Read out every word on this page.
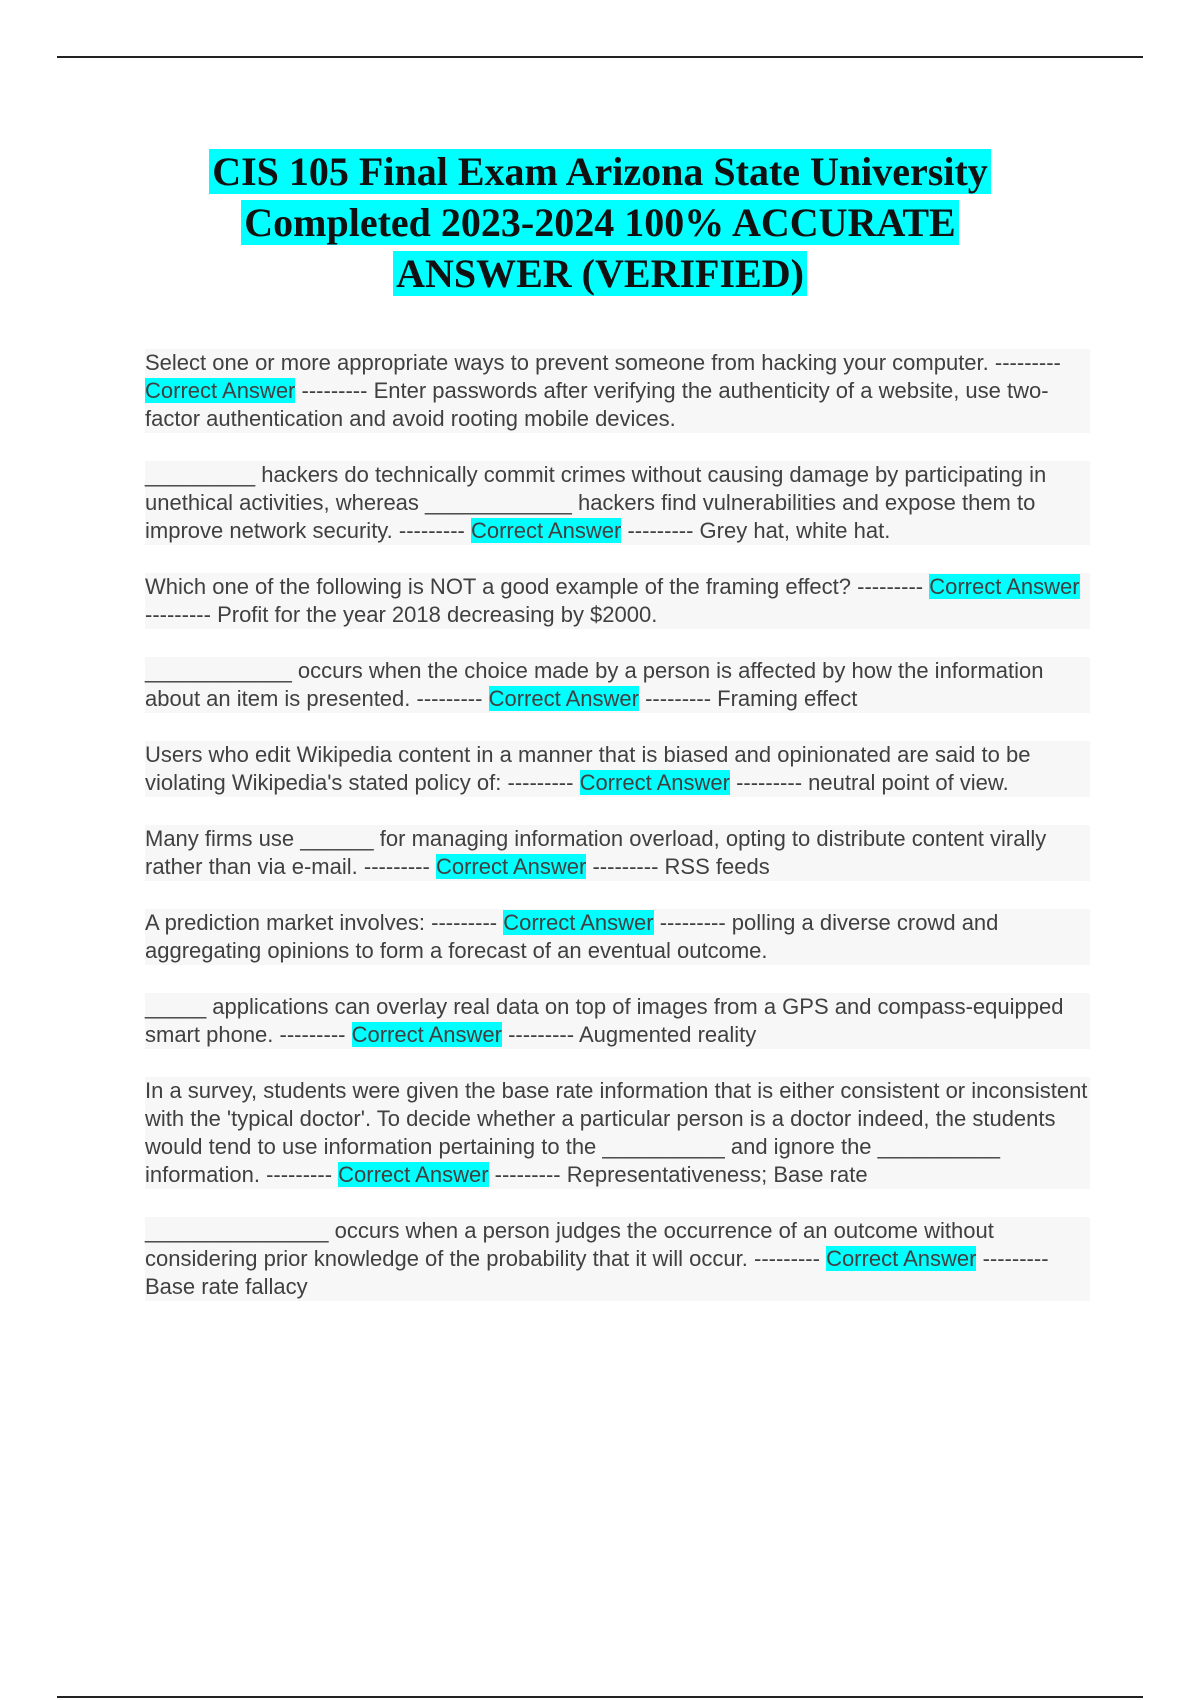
CIS 105 Final Exam Arizona State University
Completed 2023-2024 100% ACCURATE
ANSWER (VERIFIED)

Select one or more appropriate ways to prevent someone from hacking your computer. --------- Correct Answer --------- Enter passwords after verifying the authenticity of a website, use two-factor authentication and avoid rooting mobile devices.

_________ hackers do technically commit crimes without causing damage by participating in unethical activities, whereas ____________ hackers find vulnerabilities and expose them to improve network security. --------- Correct Answer --------- Grey hat, white hat.

Which one of the following is NOT a good example of the framing effect? --------- Correct Answer --------- Profit for the year 2018 decreasing by $2000.

____________ occurs when the choice made by a person is affected by how the information about an item is presented. --------- Correct Answer --------- Framing effect

Users who edit Wikipedia content in a manner that is biased and opinionated are said to be violating Wikipedia's stated policy of: --------- Correct Answer --------- neutral point of view.

Many firms use ______ for managing information overload, opting to distribute content virally rather than via e-mail. --------- Correct Answer --------- RSS feeds

A prediction market involves: --------- Correct Answer --------- polling a diverse crowd and aggregating opinions to form a forecast of an eventual outcome.

_____ applications can overlay real data on top of images from a GPS and compass-equipped smart phone. --------- Correct Answer --------- Augmented reality

In a survey, students were given the base rate information that is either consistent or inconsistent with the 'typical doctor'. To decide whether a particular person is a doctor indeed, the students would tend to use information pertaining to the __________ and ignore the __________ information. --------- Correct Answer --------- Representativeness; Base rate

_______________ occurs when a person judges the occurrence of an outcome without considering prior knowledge of the probability that it will occur. --------- Correct Answer --------- Base rate fallacy
